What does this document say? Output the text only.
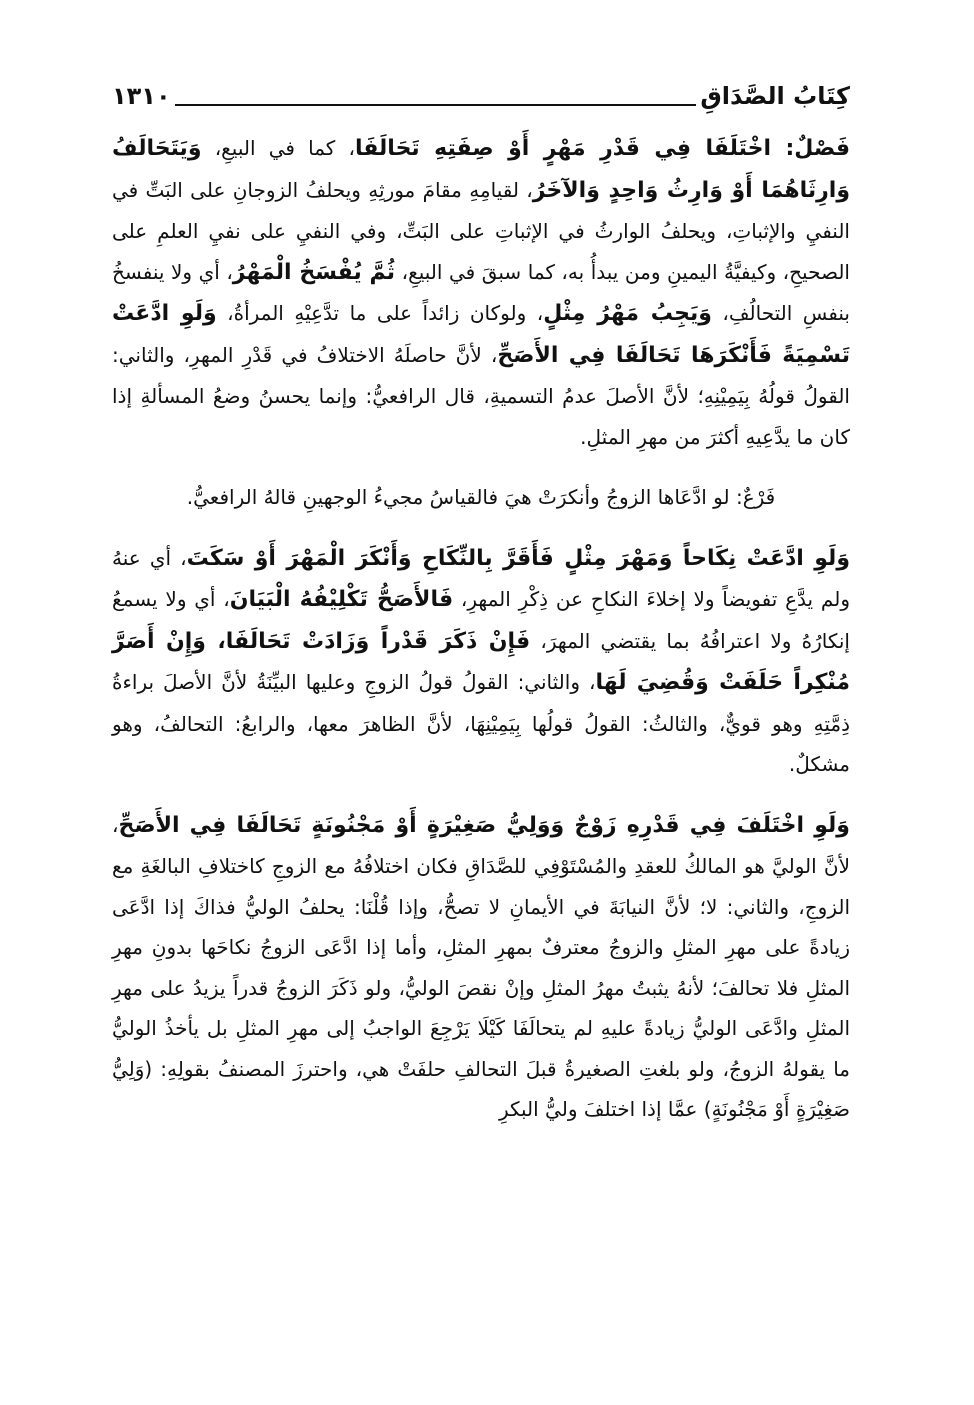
كِتَابُ الصَّدَاقِ
١٣١٠

فَصْلٌ: اخْتَلَفَا فِي قَدْرِ مَهْرٍ أَوْ صِفَتِهِ تَحَالَفَا، كما في البيعِ، وَيَتَحَالَفُ وَارِثَاهُمَا أَوْ وَارِثُ وَاحِدٍ وَالآخَرُ، لقيامِهِ مقامَ مورثِهِ ويحلفُ الزوجانِ على البَتِّ في النفيِ والإثباتِ، ويحلفُ الوارثُ في الإثباتِ على البَتِّ، وفي النفيِ على نفيِ العلمِ على الصحيحِ، وكيفيَّةُ اليمينِ ومن يبدأُ به، كما سبقَ في البيعِ، ثُمَّ يُفْسَخُ الْمَهْرُ، أي ولا ينفسخُ بنفسِ التحالُفِ، وَيَجِبُ مَهْرُ مِثْلٍ، ولوكان زائداً على ما تدَّعِيْهِ المرأةُ، وَلَوِ ادَّعَتْ تَسْمِيَةً فَأَنْكَرَهَا تَحَالَفَا فِي الأَصَحِّ، لأنَّ حاصلَهُ الاختلافُ في قَدْرِ المهرِ، والثاني: القولُ قولُهُ بِيَمِيْنِهِ؛ لأنَّ الأصلَ عدمُ التسميةِ، قال الرافعيُّ: وإنما يحسنُ وضعُ المسألةِ إذا كان ما يدَّعِيهِ أكثرَ من مهرِ المثلِ.

فَرْعٌ: لو ادَّعَاها الزوجُ وأنكرَتْ هيَ فالقياسُ مجيءُ الوجهينِ قالهُ الرافعيُّ.

وَلَوِ ادَّعَتْ نِكَاحاً وَمَهْرَ مِثْلٍ فَأَقَرَّ بِالنِّكَاحِ وَأَنْكَرَ الْمَهْرَ أَوْ سَكَتَ، أي عنهُ ولم يدَّعِ تفويضاً ولا إخلاءَ النكاحِ عن ذِكْرِ المهرِ، فَالأَصَحُّ تَكْلِيْفُهُ الْبَيَانَ، أي ولا يسمعُ إنكارُهُ ولا اعترافُهُ بما يقتضي المهرَ، فَإِنْ ذَكَرَ قَدْراً وَزَادَتْ تَحَالَفَا، وَإِنْ أَصَرَّ مُنْكِراً حَلَفَتْ وَقُضِيَ لَهَا، والثاني: القولُ قولُ الزوجِ وعليها البيِّنَةُ لأنَّ الأصلَ براءةُ ذِمَّتِهِ وهو قويٌّ، والثالثُ: القولُ قولُها بِيَمِيْنِهَا، لأنَّ الظاهرَ معها، والرابعُ: التحالفُ، وهو مشكلٌ.

وَلَوِ اخْتَلَفَ فِي قَدْرِهِ زَوْجٌ وَوَلِيُّ صَغِيْرَةٍ أَوْ مَجْنُونَةٍ تَحَالَفَا فِي الأَصَحِّ، لأنَّ الوليَّ هو المالكُ للعقدِ والمُسْتَوْفِي للصَّدَاقِ فكان اختلافُهُ مع الزوجِ كاختلافِ البالغَةِ مع الزوجِ، والثاني: لا؛ لأنَّ النيابَةَ في الأيمانِ لا تصحُّ، وإذا قُلْنَا: يحلفُ الوليُّ فذاكَ إذا ادَّعَى زيادةً على مهرِ المثلِ والزوجُ معترفٌ بمهرِ المثلِ، وأما إذا ادَّعَى الزوجُ نكاحَها بدونِ مهرِ المثلِ فلا تحالفَ؛ لأنهُ يثبتُ مهرُ المثلِ وإنْ نقصَ الوليُّ، ولو ذَكَرَ الزوجُ قدراً يزيدُ على مهرِ المثلِ وادَّعَى الوليُّ زيادةً عليهِ لم يتحالَفَا كَيْلَا يَرْجِعَ الواجبُ إلى مهرِ المثلِ بل يأخذُ الوليُّ ما يقولهُ الزوجُ، ولو بلغتِ الصغيرةُ قبلَ التحالفِ حلفَتْ هي، واحترزَ المصنفُ بقولِهِ: (وَلِيُّ صَغِيْرَةٍ أَوْ مَجْنُونَةٍ) عمَّا إذا اختلفَ وليُّ البكرِ
